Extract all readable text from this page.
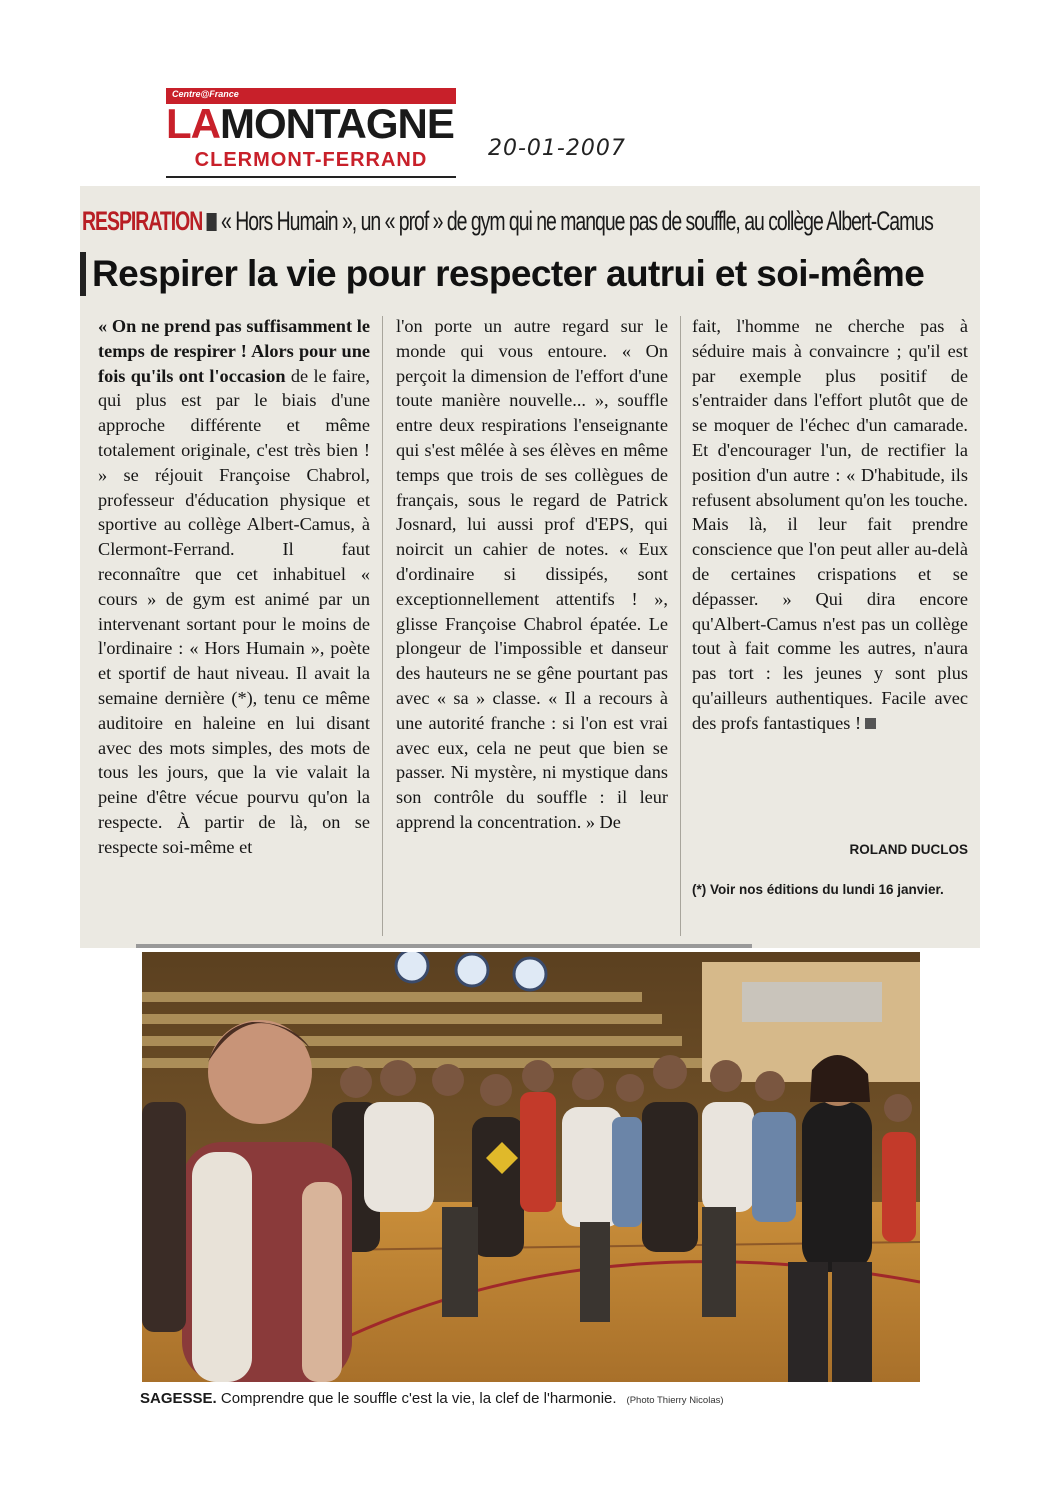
Centre@France
LAMONTAGNE
CLERMONT-FERRAND	20-01-2007
RESPIRATION « Hors Humain », un « prof » de gym qui ne manque pas de souffle, au collège Albert-Camus
Respirer la vie pour respecter autrui et soi-même

« On ne prend pas suffisamment le temps de respirer ! Alors pour une fois qu'ils ont l'occasion de le faire, qui plus est par le biais d'une approche différente et même totalement originale, c'est très bien ! » se réjouit Françoise Chabrol, professeur d'éducation physique et sportive au collège Albert-Camus, à Clermont-Ferrand. Il faut reconnaître que cet inhabituel « cours » de gym est animé par un intervenant sortant pour le moins de l'ordinaire : « Hors Humain », poète et sportif de haut niveau. Il avait la semaine dernière (*), tenu ce même auditoire en haleine en lui disant avec des mots simples, des mots de tous les jours, que la vie valait la peine d'être vécue pourvu qu'on la respecte. À partir de là, on se respecte soi-même et

l'on porte un autre regard sur le monde qui vous entoure. « On perçoit la dimension de l'effort d'une toute manière nouvelle... », souffle entre deux respirations l'enseignante qui s'est mêlée à ses élèves en même temps que trois de ses collègues de français, sous le regard de Patrick Josnard, lui aussi prof d'EPS, qui noircit un cahier de notes. « Eux d'ordinaire si dissipés, sont exceptionnellement attentifs ! », glisse Françoise Chabrol épatée. Le plongeur de l'impossible et danseur des hauteurs ne se gêne pourtant pas avec « sa » classe. « Il a recours à une autorité franche : si l'on est vrai avec eux, cela ne peut que bien se passer. Ni mystère, ni mystique dans son contrôle du souffle : il leur apprend la concentration. » De

fait, l'homme ne cherche pas à séduire mais à convaincre ; qu'il est par exemple plus positif de s'entraider dans l'effort plutôt que de se moquer de l'échec d'un camarade. Et d'encourager l'un, de rectifier la position d'un autre : « D'habitude, ils refusent absolument qu'on les touche. Mais là, il leur fait prendre conscience que l'on peut aller au-delà de certaines crispations et se dépasser. » Qui dira encore qu'Albert-Camus n'est pas un collège tout à fait comme les autres, n'aura pas tort : les jeunes y sont plus qu'ailleurs authentiques. Facile avec des profs fantastiques !

ROLAND DUCLOS
(*) Voir nos éditions du lundi 16 janvier.
SAGESSE. Comprendre que le souffle c'est la vie, la clef de l'harmonie. (Photo Thierry Nicolas)
